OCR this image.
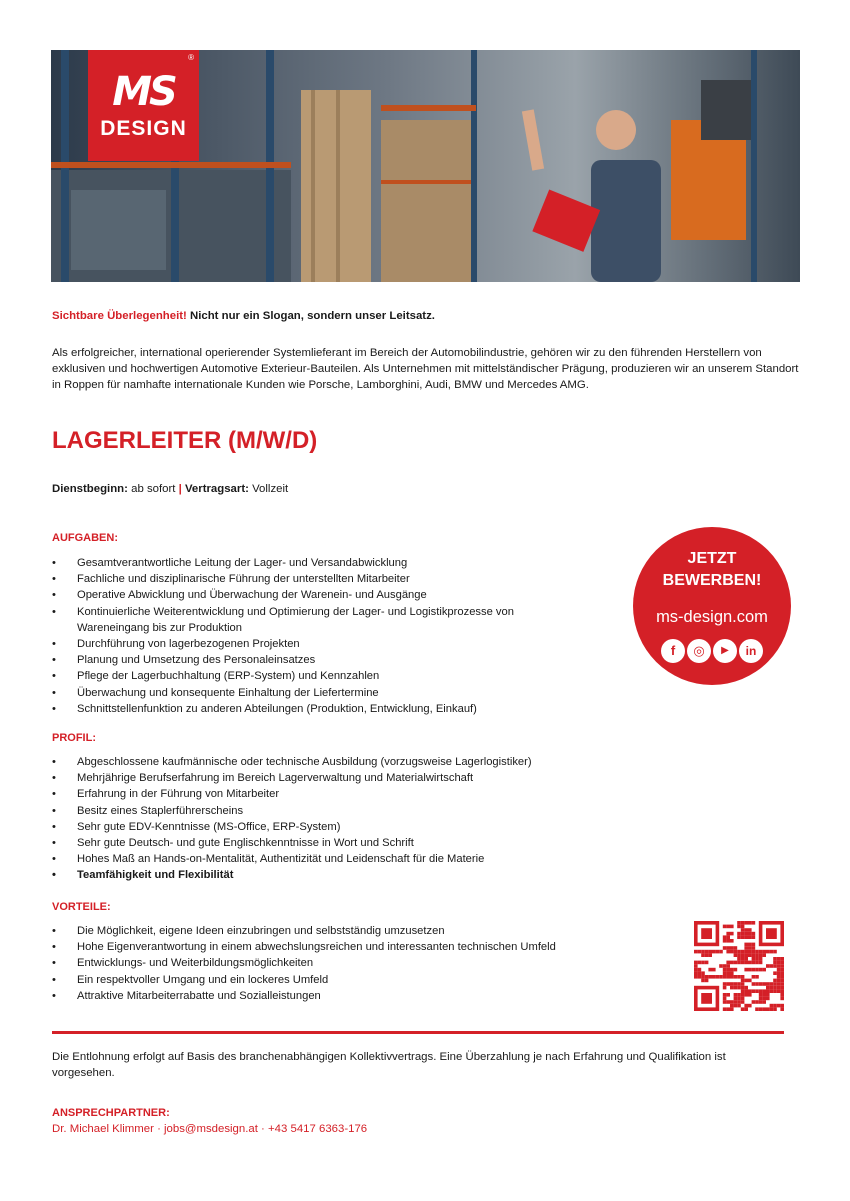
®
MS
DESIGN
Sichtbare Überlegenheit! Nicht nur ein Slogan, sondern unser Leitsatz.
Als erfolgreicher, international operierender Systemlieferant im Bereich der Automobilindustrie, gehören wir zu den führenden Herstellern von exklusiven und hochwertigen Automotive Exterieur-Bauteilen. Als Unternehmen mit mittelständischer Prägung, produzieren wir an unserem Standort in Roppen für namhafte internationale Kunden wie Porsche, Lamborghini, Audi, BMW und Mercedes AMG.
LAGERLEITER (M/W/D)
Dienstbeginn: ab sofort | Vertragsart: Vollzeit
AUFGABEN:
• Gesamtverantwortliche Leitung der Lager- und Versandabwicklung
• Fachliche und disziplinarische Führung der unterstellten Mitarbeiter
• Operative Abwicklung und Überwachung der Warenein- und Ausgänge
• Kontinuierliche Weiterentwicklung und Optimierung der Lager- und Logistikprozesse von Wareneingang bis zur Produktion
• Durchführung von lagerbezogenen Projekten
• Planung und Umsetzung des Personaleinsatzes
• Pflege der Lagerbuchhaltung (ERP-System) und Kennzahlen
• Überwachung und konsequente Einhaltung der Liefertermine
• Schnittstellenfunktion zu anderen Abteilungen (Produktion, Entwicklung, Einkauf)
PROFIL:
• Abgeschlossene kaufmännische oder technische Ausbildung (vorzugsweise Lagerlogistiker)
• Mehrjährige Berufserfahrung im Bereich Lagerverwaltung und Materialwirtschaft
• Erfahrung in der Führung von Mitarbeiter
• Besitz eines Staplerführerscheins
• Sehr gute EDV-Kenntnisse (MS-Office, ERP-System)
• Sehr gute Deutsch- und gute Englischkenntnisse in Wort und Schrift
• Hohes Maß an Hands-on-Mentalität, Authentizität und Leidenschaft für die Materie
• Teamfähigkeit und Flexibilität
VORTEILE:
• Die Möglichkeit, eigene Ideen einzubringen und selbstständig umzusetzen
• Hohe Eigenverantwortung in einem abwechslungsreichen und interessanten technischen Umfeld
• Entwicklungs- und Weiterbildungsmöglichkeiten
• Ein respektvoller Umgang und ein lockeres Umfeld
• Attraktive Mitarbeiterrabatte und Sozialleistungen
JETZT
BEWERBEN!
ms-design.com
f	◎	▶	in
Die Entlohnung erfolgt auf Basis des branchenabhängigen Kollektivvertrags. Eine Überzahlung je nach Erfahrung und Qualifikation ist vorgesehen.
ANSPRECHPARTNER:
Dr. Michael Klimmer · jobs@msdesign.at · +43 5417 6363-176
